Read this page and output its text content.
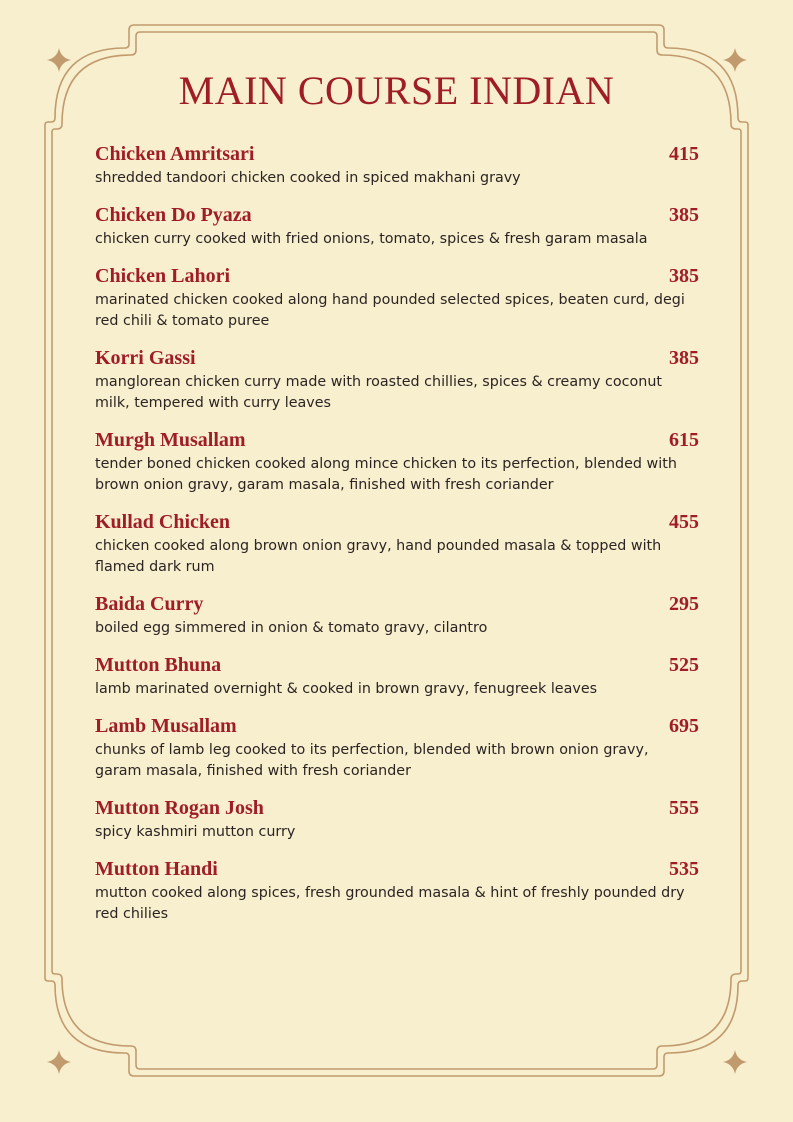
MAIN COURSE INDIAN
Chicken Amritsari	415
shredded tandoori chicken cooked in spiced makhani gravy
Chicken Do Pyaza	385
chicken curry cooked with fried onions, tomato, spices & fresh garam masala
Chicken Lahori	385
marinated chicken cooked along hand pounded selected spices, beaten curd, degi red chili & tomato puree
Korri Gassi	385
manglorean chicken curry made with roasted chillies, spices & creamy coconut milk, tempered with curry leaves
Murgh Musallam	615
tender boned chicken cooked along mince chicken to its perfection, blended with brown onion gravy, garam masala, finished with fresh coriander
Kullad Chicken	455
chicken cooked along brown onion gravy, hand pounded masala & topped with flamed dark rum
Baida Curry	295
boiled egg simmered in onion & tomato gravy, cilantro
Mutton Bhuna	525
lamb marinated overnight & cooked in brown gravy, fenugreek leaves
Lamb Musallam	695
chunks of lamb leg cooked to its perfection, blended with brown onion gravy, garam masala, finished with fresh coriander
Mutton Rogan Josh	555
spicy kashmiri mutton curry
Mutton Handi	535
mutton cooked along spices, fresh grounded masala & hint of freshly pounded dry red chilies
